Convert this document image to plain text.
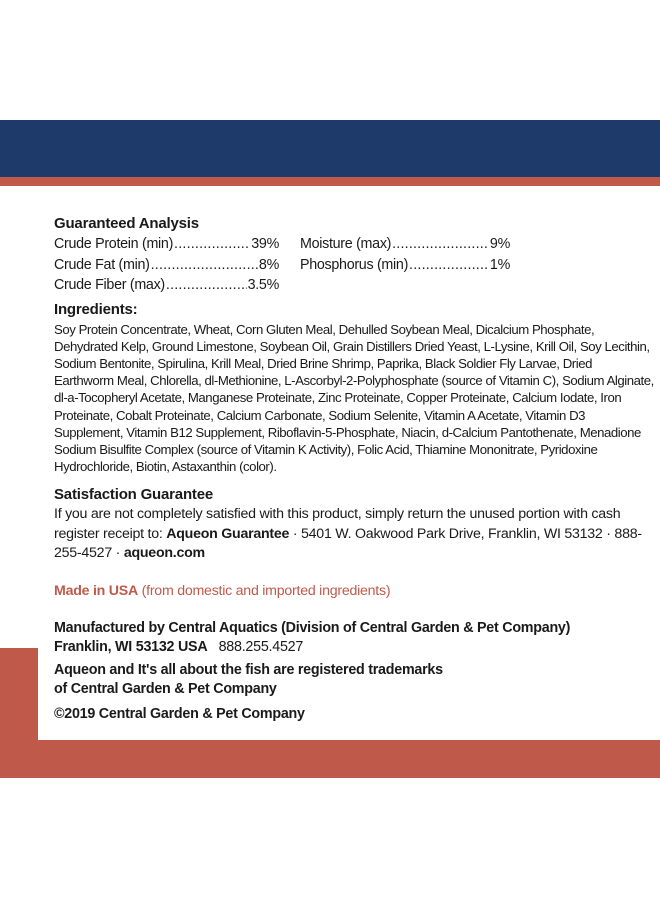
Guaranteed Analysis
Crude Protein (min) .....	39%
Crude Fat (min) .....	8%
Crude Fiber (max) .....	3.5%
Moisture (max) .....	9%
Phosphorus (min) .....	1%
Ingredients:
Soy Protein Concentrate, Wheat, Corn Gluten Meal, Dehulled Soybean Meal, Dicalcium Phosphate, Dehydrated Kelp, Ground Limestone, Soybean Oil, Grain Distillers Dried Yeast, L-Lysine, Krill Oil, Soy Lecithin, Sodium Bentonite, Spirulina, Krill Meal, Dried Brine Shrimp, Paprika, Black Soldier Fly Larvae, Dried Earthworm Meal, Chlorella, dl-Methionine, L-Ascorbyl-2-Polyphosphate (source of Vitamin C), Sodium Alginate, dl-a-Tocopheryl Acetate, Manganese Proteinate, Zinc Proteinate, Copper Proteinate, Calcium Iodate, Iron Proteinate, Cobalt Proteinate, Calcium Carbonate, Sodium Selenite, Vitamin A Acetate, Vitamin D3 Supplement, Vitamin B12 Supplement, Riboflavin-5-Phosphate, Niacin, d-Calcium Pantothenate, Menadione Sodium Bisulfite Complex (source of Vitamin K Activity), Folic Acid, Thiamine Mononitrate, Pyridoxine Hydrochloride, Biotin, Astaxanthin (color).
Satisfaction Guarantee
If you are not completely satisfied with this product, simply return the unused portion with cash register receipt to: Aqueon Guarantee · 5401 W. Oakwood Park Drive, Franklin, WI 53132 · 888-255-4527 · aqueon.com
Made in USA (from domestic and imported ingredients)
Manufactured by Central Aquatics (Division of Central Garden & Pet Company)
Franklin, WI 53132 USA   888.255.4527
Aqueon and It's all about the fish are registered trademarks
of Central Garden & Pet Company
©2019 Central Garden & Pet Company
